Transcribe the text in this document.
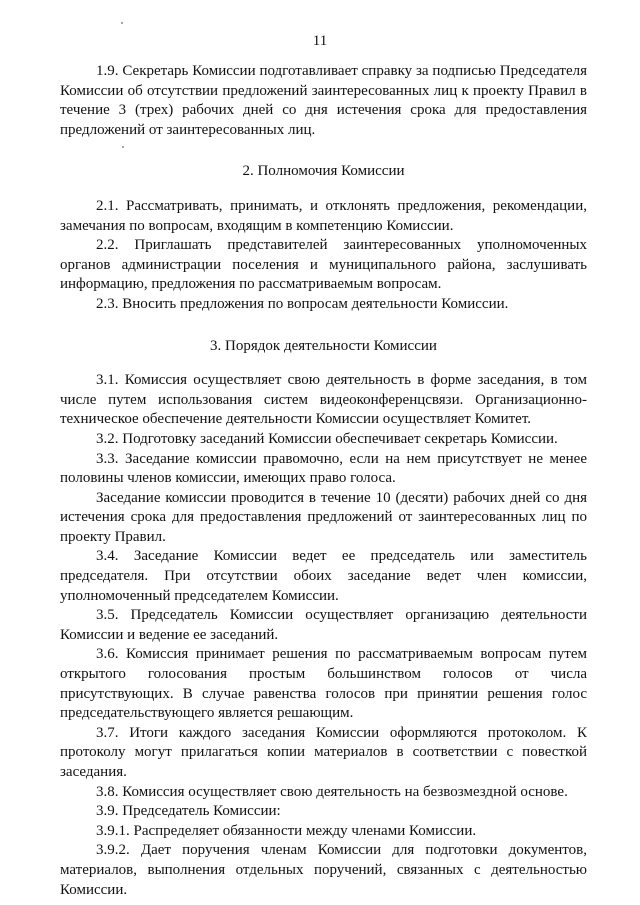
11

1.9. Секретарь Комиссии подготавливает справку за подписью Председателя Комиссии об отсутствии предложений заинтересованных лиц к проекту Правил в течение 3 (трех) рабочих дней со дня истечения срока для предоставления предложений от заинтересованных лиц.

2. Полномочия Комиссии

2.1. Рассматривать, принимать, и отклонять предложения, рекомендации, замечания по вопросам, входящим в компетенцию Комиссии.

2.2. Приглашать представителей заинтересованных уполномоченных органов администрации поселения и муниципального района, заслушивать информацию, предложения по рассматриваемым вопросам.

2.3. Вносить предложения по вопросам деятельности Комиссии.

3. Порядок деятельности Комиссии

3.1. Комиссия осуществляет свою деятельность в форме заседания, в том числе путем использования систем видеоконференцсвязи. Организационно-техническое обеспечение деятельности Комиссии осуществляет Комитет.

3.2. Подготовку заседаний Комиссии обеспечивает секретарь Комиссии.

3.3. Заседание комиссии правомочно, если на нем присутствует не менее половины членов комиссии, имеющих право голоса.

Заседание комиссии проводится в течение 10 (десяти) рабочих дней со дня истечения срока для предоставления предложений от заинтересованных лиц по проекту Правил.

3.4. Заседание Комиссии ведет ее председатель или заместитель председателя. При отсутствии обоих заседание ведет член комиссии, уполномоченный председателем Комиссии.

3.5. Председатель Комиссии осуществляет организацию деятельности Комиссии и ведение ее заседаний.

3.6. Комиссия принимает решения по рассматриваемым вопросам путем открытого голосования простым большинством голосов от числа присутствующих. В случае равенства голосов при принятии решения голос председательствующего является решающим.

3.7. Итоги каждого заседания Комиссии оформляются протоколом. К протоколу могут прилагаться копии материалов в соответствии с повесткой заседания.

3.8. Комиссия осуществляет свою деятельность на безвозмездной основе.

3.9. Председатель Комиссии:

3.9.1. Распределяет обязанности между членами Комиссии.

3.9.2. Дает поручения членам Комиссии для подготовки документов, материалов, выполнения отдельных поручений, связанных с деятельностью Комиссии.
